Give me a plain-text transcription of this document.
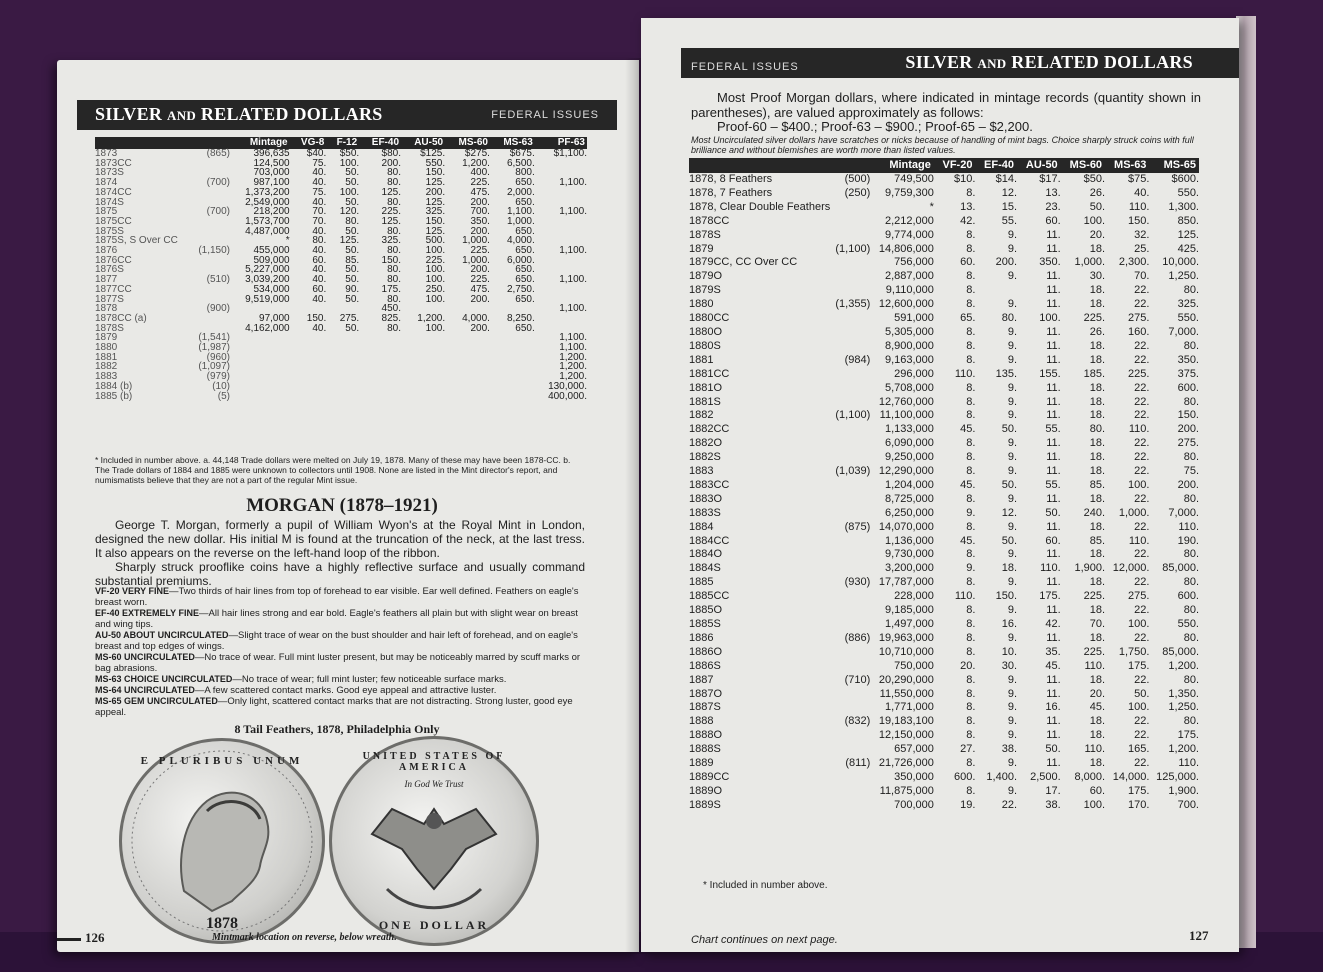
SILVER AND RELATED DOLLARS	FEDERAL ISSUES
		Mintage	VG-8	F-12	EF-40	AU-50	MS-60	MS-63	PF-63
1873	(865)	396,635	$40.	$50.	$80.	$125.	$275.	$675.	$1,100.
1873CC		124,500	75.	100.	200.	550.	1,200.	6,500.	
1873S		703,000	40.	50.	80.	150.	400.	800.	
1874	(700)	987,100	40.	50.	80.	125.	225.	650.	1,100.
1874CC		1,373,200	75.	100.	125.	200.	475.	2,000.	
1874S		2,549,000	40.	50.	80.	125.	200.	650.	
1875	(700)	218,200	70.	120.	225.	325.	700.	1,100.	1,100.
1875CC		1,573,700	70.	80.	125.	150.	350.	1,000.	
1875S		4,487,000	40.	50.	80.	125.	200.	650.	
1875S, S Over CC		*	80.	125.	325.	500.	1,000.	4,000.	
1876	(1,150)	455,000	40.	50.	80.	100.	225.	650.	1,100.
1876CC		509,000	60.	85.	150.	225.	1,000.	6,000.	
1876S		5,227,000	40.	50.	80.	100.	200.	650.	
1877	(510)	3,039,200	40.	50.	80.	100.	225.	650.	1,100.
1877CC		534,000	60.	90.	175.	250.	475.	2,750.	
1877S		9,519,000	40.	50.	80.	100.	200.	650.	
1878	(900)				450.				1,100.
1878CC (a)		97,000	150.	275.	825.	1,200.	4,000.	8,250.	
1878S		4,162,000	40.	50.	80.	100.	200.	650.	
1879	(1,541)								1,100.
1880	(1,987)								1,100.
1881	(960)								1,200.
1882	(1,097)								1,200.
1883	(979)								1,200.
1884 (b)	(10)								130,000.
1885 (b)	(5)								400,000.
* Included in number above. a. 44,148 Trade dollars were melted on July 19, 1878. Many of these may have been 1878-CC. b. The Trade dollars of 1884 and 1885 were unknown to collectors until 1908. None are listed in the Mint director's report, and numismatists believe that they are not a part of the regular Mint issue.
MORGAN (1878–1921)
George T. Morgan, formerly a pupil of William Wyon's at the Royal Mint in London, designed the new dollar. His initial M is found at the truncation of the neck, at the last tress. It also appears on the reverse on the left-hand loop of the ribbon.
Sharply struck prooflike coins have a highly reflective surface and usually command substantial premiums.
VF-20 VERY FINE—Two thirds of hair lines from top of forehead to ear visible. Ear well defined. Feathers on eagle's breast worn.
EF-40 EXTREMELY FINE—All hair lines strong and ear bold. Eagle's feathers all plain but with slight wear on breast and wing tips.
AU-50 ABOUT UNCIRCULATED—Slight trace of wear on the bust shoulder and hair left of forehead, and on eagle's breast and top edges of wings.
MS-60 UNCIRCULATED—No trace of wear. Full mint luster present, but may be noticeably marred by scuff marks or bag abrasions.
MS-63 CHOICE UNCIRCULATED—No trace of wear; full mint luster; few noticeable surface marks.
MS-64 UNCIRCULATED—A few scattered contact marks. Good eye appeal and attractive luster.
MS-65 GEM UNCIRCULATED—Only light, scattered contact marks that are not distracting. Strong luster, good eye appeal.
8 Tail Feathers, 1878, Philadelphia Only
E PLURIBUS UNUM
1878
UNITED STATES OF AMERICA
In God We Trust
ONE DOLLAR
126	Mintmark location on reverse, below wreath.
FEDERAL ISSUES	SILVER AND RELATED DOLLARS
Most Proof Morgan dollars, where indicated in mintage records (quantity shown in parentheses), are valued approximately as follows:
Proof-60 – $400.; Proof-63 – $900.; Proof-65 – $2,200.
Most Uncirculated silver dollars have scratches or nicks because of handling of mint bags. Choice sharply struck coins with full brilliance and without blemishes are worth more than listed values.
		Mintage	VF-20	EF-40	AU-50	MS-60	MS-63	MS-65
1878, 8 Feathers	(500)	749,500	$10.	$14.	$17.	$50.	$75.	$600.
1878, 7 Feathers	(250)	9,759,300	8.	12.	13.	26.	40.	550.
1878, Clear Double Feathers		*	13.	15.	23.	50.	110.	1,300.
1878CC		2,212,000	42.	55.	60.	100.	150.	850.
1878S		9,774,000	8.	9.	11.	20.	32.	125.
1879	(1,100)	14,806,000	8.	9.	11.	18.	25.	425.
1879CC, CC Over CC		756,000	60.	200.	350.	1,000.	2,300.	10,000.
1879O		2,887,000	8.	9.	11.	30.	70.	1,250.
1879S		9,110,000	8.		11.	18.	22.	80.
1880	(1,355)	12,600,000	8.	9.	11.	18.	22.	325.
1880CC		591,000	65.	80.	100.	225.	275.	550.
1880O		5,305,000	8.	9.	11.	26.	160.	7,000.
1880S		8,900,000	8.	9.	11.	18.	22.	80.
1881	(984)	9,163,000	8.	9.	11.	18.	22.	350.
1881CC		296,000	110.	135.	155.	185.	225.	375.
1881O		5,708,000	8.	9.	11.	18.	22.	600.
1881S		12,760,000	8.	9.	11.	18.	22.	80.
1882	(1,100)	11,100,000	8.	9.	11.	18.	22.	150.
1882CC		1,133,000	45.	50.	55.	80.	110.	200.
1882O		6,090,000	8.	9.	11.	18.	22.	275.
1882S		9,250,000	8.	9.	11.	18.	22.	80.
1883	(1,039)	12,290,000	8.	9.	11.	18.	22.	75.
1883CC		1,204,000	45.	50.	55.	85.	100.	200.
1883O		8,725,000	8.	9.	11.	18.	22.	80.
1883S		6,250,000	9.	12.	50.	240.	1,000.	7,000.
1884	(875)	14,070,000	8.	9.	11.	18.	22.	110.
1884CC		1,136,000	45.	50.	60.	85.	110.	190.
1884O		9,730,000	8.	9.	11.	18.	22.	80.
1884S		3,200,000	9.	18.	110.	1,900.	12,000.	85,000.
1885	(930)	17,787,000	8.	9.	11.	18.	22.	80.
1885CC		228,000	110.	150.	175.	225.	275.	600.
1885O		9,185,000	8.	9.	11.	18.	22.	80.
1885S		1,497,000	8.	16.	42.	70.	100.	550.
1886	(886)	19,963,000	8.	9.	11.	18.	22.	80.
1886O		10,710,000	8.	10.	35.	225.	1,750.	85,000.
1886S		750,000	20.	30.	45.	110.	175.	1,200.
1887	(710)	20,290,000	8.	9.	11.	18.	22.	80.
1887O		11,550,000	8.	9.	11.	20.	50.	1,350.
1887S		1,771,000	8.	9.	16.	45.	100.	1,250.
1888	(832)	19,183,100	8.	9.	11.	18.	22.	80.
1888O		12,150,000	8.	9.	11.	18.	22.	175.
1888S		657,000	27.	38.	50.	110.	165.	1,200.
1889	(811)	21,726,000	8.	9.	11.	18.	22.	110.
1889CC		350,000	600.	1,400.	2,500.	8,000.	14,000.	125,000.
1889O		11,875,000	8.	9.	17.	60.	175.	1,900.
1889S		700,000	19.	22.	38.	100.	170.	700.
* Included in number above.
Chart continues on next page.	127
